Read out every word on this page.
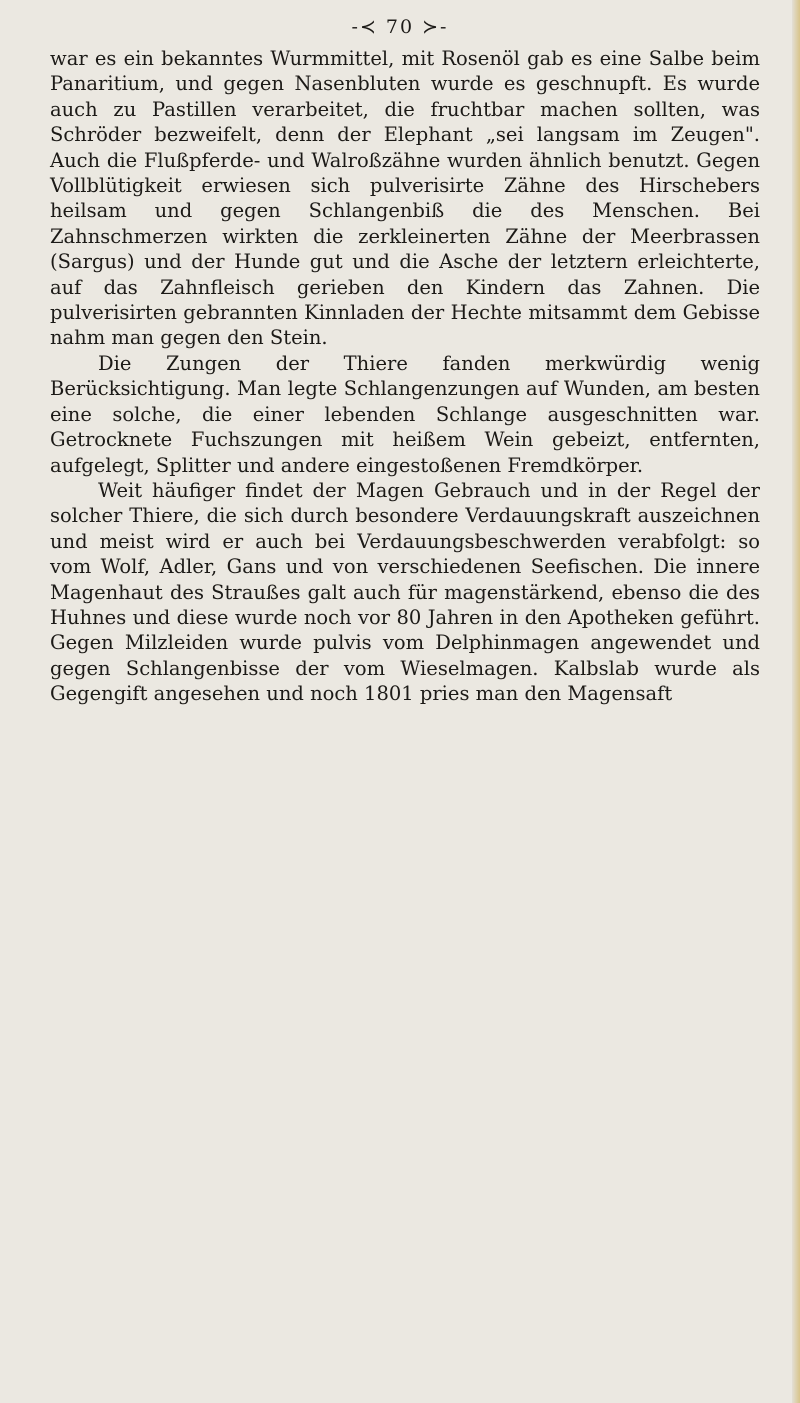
-≺ 70 ≻-

war es ein bekanntes Wurmmittel, mit Rosenöl gab es eine Salbe beim Panaritium, und gegen Nasenbluten wurde es geschnupft. Es wurde auch zu Pastillen verarbeitet, die fruchtbar machen sollten, was Schröder bezweifelt, denn der Elephant „sei langsam im Zeugen". Auch die Flußpferde- und Walroßzähne wurden ähnlich benutzt. Gegen Vollblütigkeit erwiesen sich pulverisirte Zähne des Hirschebers heilsam und gegen Schlangenbiß die des Menschen. Bei Zahnschmerzen wirkten die zerkleinerten Zähne der Meerbrassen (Sargus) und der Hunde gut und die Asche der letztern erleichterte, auf das Zahnfleisch gerieben den Kindern das Zahnen. Die pulverisirten gebrannten Kinnladen der Hechte mitsammt dem Gebisse nahm man gegen den Stein.

Die Zungen der Thiere fanden merkwürdig wenig Berücksichtigung. Man legte Schlangenzungen auf Wunden, am besten eine solche, die einer lebenden Schlange ausgeschnitten war. Getrocknete Fuchszungen mit heißem Wein gebeizt, entfernten, aufgelegt, Splitter und andere eingestoßenen Fremdkörper.

Weit häufiger findet der Magen Gebrauch und in der Regel der solcher Thiere, die sich durch besondere Verdauungskraft auszeichnen und meist wird er auch bei Verdauungsbeschwerden verabfolgt: so vom Wolf, Adler, Gans und von verschiedenen Seefischen. Die innere Magenhaut des Straußes galt auch für magenstärkend, ebenso die des Huhnes und diese wurde noch vor 80 Jahren in den Apotheken geführt. Gegen Milzleiden wurde pulvis vom Delphinmagen angewendet und gegen Schlangenbisse der vom Wieselmagen. Kalbslab wurde als Gegengift angesehen und noch 1801 pries man den Magensaft
